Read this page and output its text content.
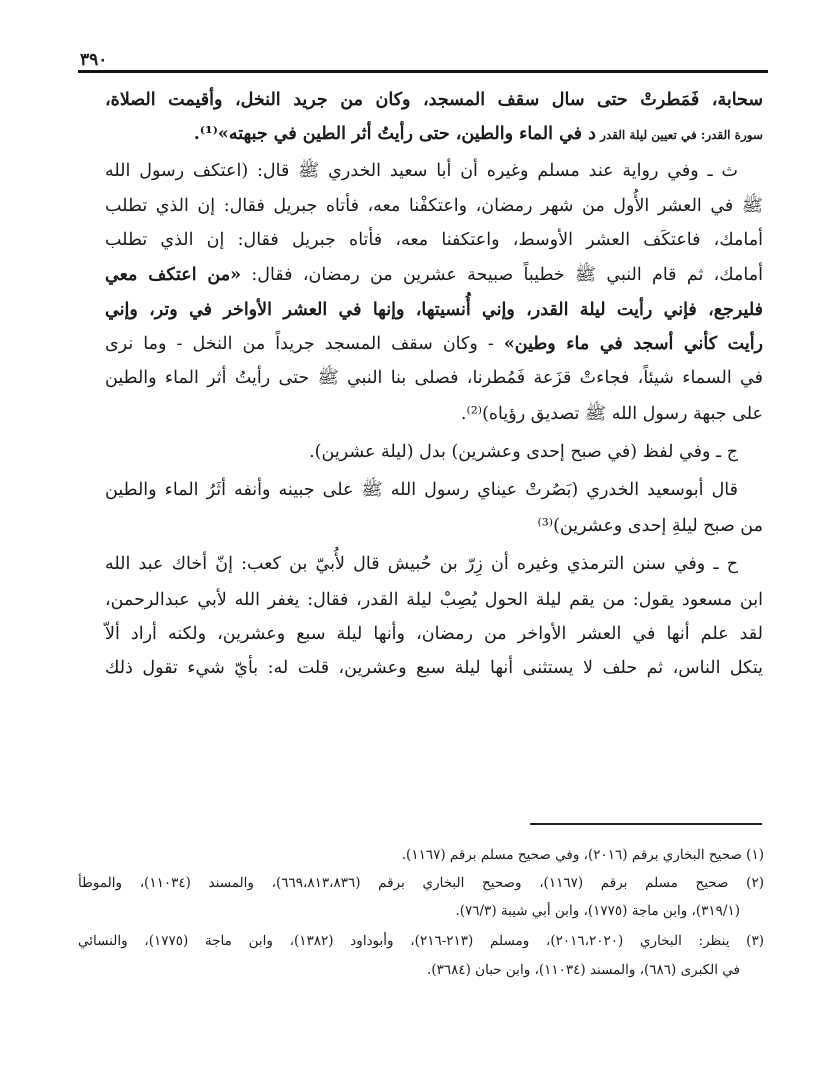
٣٩٠
سحابة، فَمَطرتْ حتى سال سقف المسجد، وكان من جريد النخل، وأقيمت الصلاة،
سورة القدر: في تعيين ليلة القدر د في الماء والطين، حتى رأيتُ أثر الطين في جبهته»⁽¹⁾.
ث ـ وفي رواية عند مسلم وغيره أن أبا سعيد الخدري ﷺ قال: (اعتكف رسول الله
ﷺ في العشر الأُول من شهر رمضان، واعتكفْنا معه، فأتاه جبريل فقال: إن الذي تطلب
أمامك، فاعتكَف العشر الأوسط، واعتكفنا معه، فأتاه جبريل فقال: إن الذي تطلب
أمامك، ثم قام النبي ﷺ خطيباً صبيحة عشرين من رمضان، فقال: «من اعتكف معي
فليرجع، فإني رأيت ليلة القدر، وإني أُنسيتها، وإنها في العشر الأواخر في وتر، وإني
رأيت كأني أسجد في ماء وطين» - وكان سقف المسجد جريداً من النخل - وما نرى
في السماء شيئاً، فجاءتْ قزَعة فَمُطرنا، فصلى بنا النبي ﷺ حتى رأيتُ أثر الماء والطين
على جبهة رسول الله ﷺ تصديق رؤياه)⁽²⁾.
ج ـ وفي لفظ (في صبح إحدى وعشرين) بدل (ليلة عشرين).
قال أبوسعيد الخدري (بَصُرتْ عيناي رسول الله ﷺ على جبينه وأنفه أثَرُ الماء والطين
من صبح ليلةِ إحدى وعشرين)⁽³⁾
ح ـ وفي سنن الترمذي وغيره أن زِرّ بن حُبيش قال لأُبيّ بن كعب: إنّ أخاك عبد الله
ابن مسعود يقول: من يقم ليلة الحول يُصِبْ ليلة القدر، فقال: يغفر الله لأبي عبدالرحمن،
لقد علم أنها في العشر الأواخر من رمضان، وأنها ليلة سبع وعشرين، ولكنه أراد ألاّ
يتكل الناس، ثم حلف لا يستثنى أنها ليلة سبع وعشرين، قلت له: بأيّ شيء تقول ذلك
(١) صحيح البخاري برقم (٢٠١٦)، وفي صحيح مسلم برقم (١١٦٧).
(٢) صحيح مسلم برقم (١١٦٧)، وصحيح البخاري برقم (٦٦٩،٨١٣،٨٣٦)، والمسند (١١٠٣٤)، والموطأ
(٣١٩/١)، وابن ماجة (١٧٧٥)، وابن أبي شيبة (٧٦/٣).
(٣) ينظر: البخاري (٢٠١٦،٢٠٢٠)، ومسلم (٢١٣-٢١٦)، وأبوداود (١٣٨٢)، وابن ماجة (١٧٧٥)، والنسائي
في الكبرى (٦٨٦)، والمسند (١١٠٣٤)، وابن حبان (٣٦٨٤).
